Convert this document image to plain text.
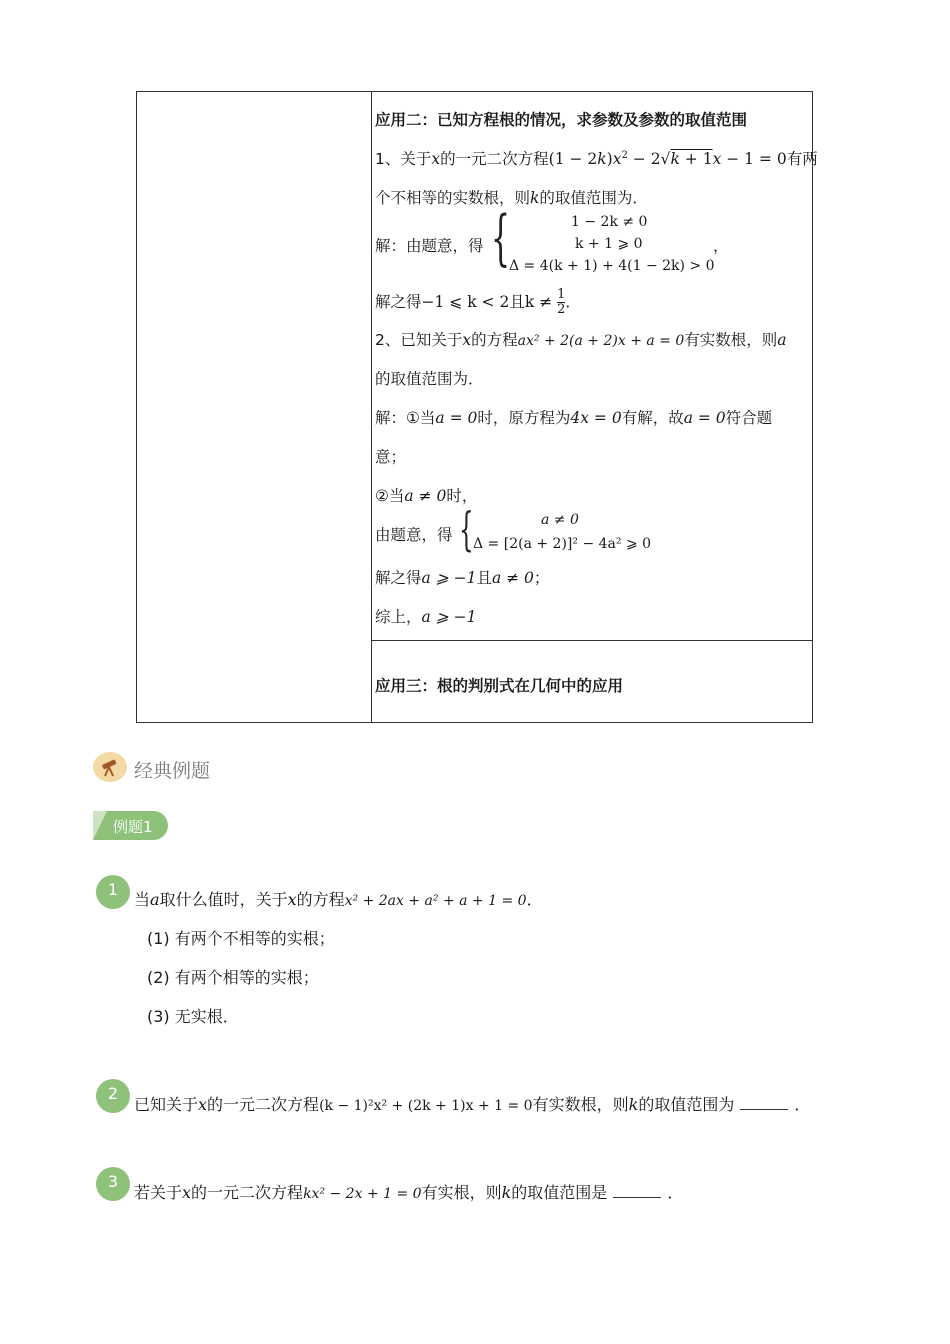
应用二：已知方程根的情况，求参数及参数的取值范围
1、关于x的一元二次方程$(1 - 2k)x^2 - 2√k + 1x - 1 = 0$有两
个不相等的实数根，则k的取值范围为．
解：由题意，得 {	1 − 2k ≠ 0
k + 1 ⩾ 0
Δ = 4(k + 1) + 4(1 − 2k) > 0
，
解之得−1 ⩽ k < 2且$k \ne \frac{1}{2}$ ．
2、已知关于x的方程ax² + 2(a + 2)x + a = 0有实数根，则a
的取值范围为．
解：①当a = 0时，原方程为4x = 0有解，故a = 0符合题
意；
②当a ≠ 0时，
由题意，得 {	a ≠ 0
Δ = [2(a + 2)]² − 4a² ⩾ 0
解之得a ⩾ −1且a ≠ 0；
综上，a ⩾ −1
应用三：根的判别式在几何中的应用
经典例题
例题1
1
当a取什么值时，关于x的方程x² + 2ax + a² + a + 1 = 0．
(1) 有两个不相等的实根；
(2) 有两个相等的实根；
(3) 无实根．
2
已知关于x的一元二次方程(k − 1)²x² + (2k + 1)x + 1 = 0有实数根，则k的取值范围为	．
3
若关于x的一元二次方程kx² − 2x + 1 = 0有实根，则k的取值范围是	．
